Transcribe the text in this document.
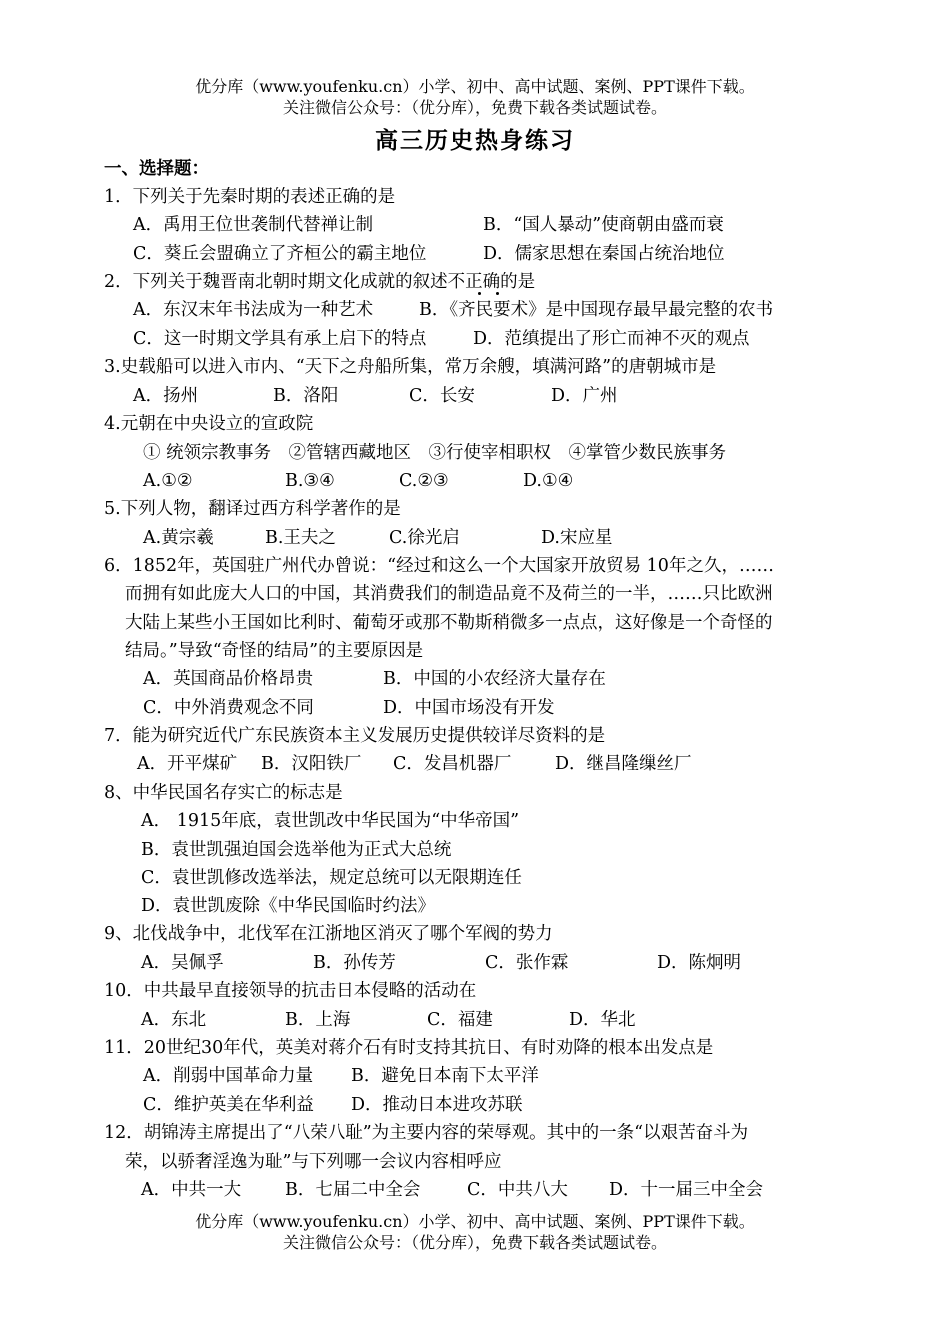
优分库（www.youfenku.cn）小学、初中、高中试题、案例、PPT课件下载。
关注微信公众号：（优分库），免费下载各类试题试卷。
高三历史热身练习
一、选择题：
1．下列关于先秦时期的表述正确的是
A．禹用王位世袭制代替禅让制	B．“国人暴动”使商朝由盛而衰
C．葵丘会盟确立了齐桓公的霸主地位	D．儒家思想在秦国占统治地位
2．下列关于魏晋南北朝时期文化成就的叙述不正确的是
A．东汉末年书法成为一种艺术	B．《齐民要术》是中国现存最早最完整的农书
C．这一时期文学具有承上启下的特点	D．范缜提出了形亡而神不灭的观点
3.史载船可以进入市内、“天下之舟船所集，常万余艘，填满河路”的唐朝城市是
A．扬州	B．洛阳	C．长安	D．广州
4.元朝在中央设立的宣政院
① 统领宗教事务　②管辖西藏地区　③行使宰相职权　④掌管少数民族事务
A.①②	B.③④	C.②③	D.①④
5.下列人物，翻译过西方科学著作的是
A.黄宗羲	B.王夫之	C.徐光启	D.宋应星
6．1852年，英国驻广州代办曾说：“经过和这么一个大国家开放贸易 10年之久，……
而拥有如此庞大人口的中国，其消费我们的制造品竟不及荷兰的一半，……只比欧洲
大陆上某些小王国如比利时、葡萄牙或那不勒斯稍微多一点点，这好像是一个奇怪的
结局。”导致“奇怪的结局”的主要原因是
A．英国商品价格昂贵	B．中国的小农经济大量存在
C．中外消费观念不同	D．中国市场没有开发
7．能为研究近代广东民族资本主义发展历史提供较详尽资料的是
A．开平煤矿 B．汉阳铁厂 C．发昌机器厂 D．继昌隆缫丝厂
8、中华民国名存实亡的标志是
A． 1915年底，袁世凯改中华民国为“中华帝国”
B．袁世凯强迫国会选举他为正式大总统
C．袁世凯修改选举法，规定总统可以无限期连任
D．袁世凯废除《中华民国临时约法》
9、北伐战争中，北伐军在江浙地区消灭了哪个军阀的势力
A．吴佩孚	B．孙传芳	C．张作霖	D．陈炯明
10．中共最早直接领导的抗击日本侵略的活动在
A．东北	B．上海	C．福建	D．华北
11．20世纪30年代，英美对蒋介石有时支持其抗日、有时劝降的根本出发点是
A．削弱中国革命力量 B．避免日本南下太平洋
C．维护英美在华利益 D．推动日本进攻苏联
12．胡锦涛主席提出了“八荣八耻”为主要内容的荣辱观。其中的一条“以艰苦奋斗为
荣，以骄奢淫逸为耻”与下列哪一会议内容相呼应
A．中共一大	B．七届二中全会	C．中共八大 D．十一届三中全会
优分库（www.youfenku.cn）小学、初中、高中试题、案例、PPT课件下载。
关注微信公众号：（优分库），免费下载各类试题试卷。
